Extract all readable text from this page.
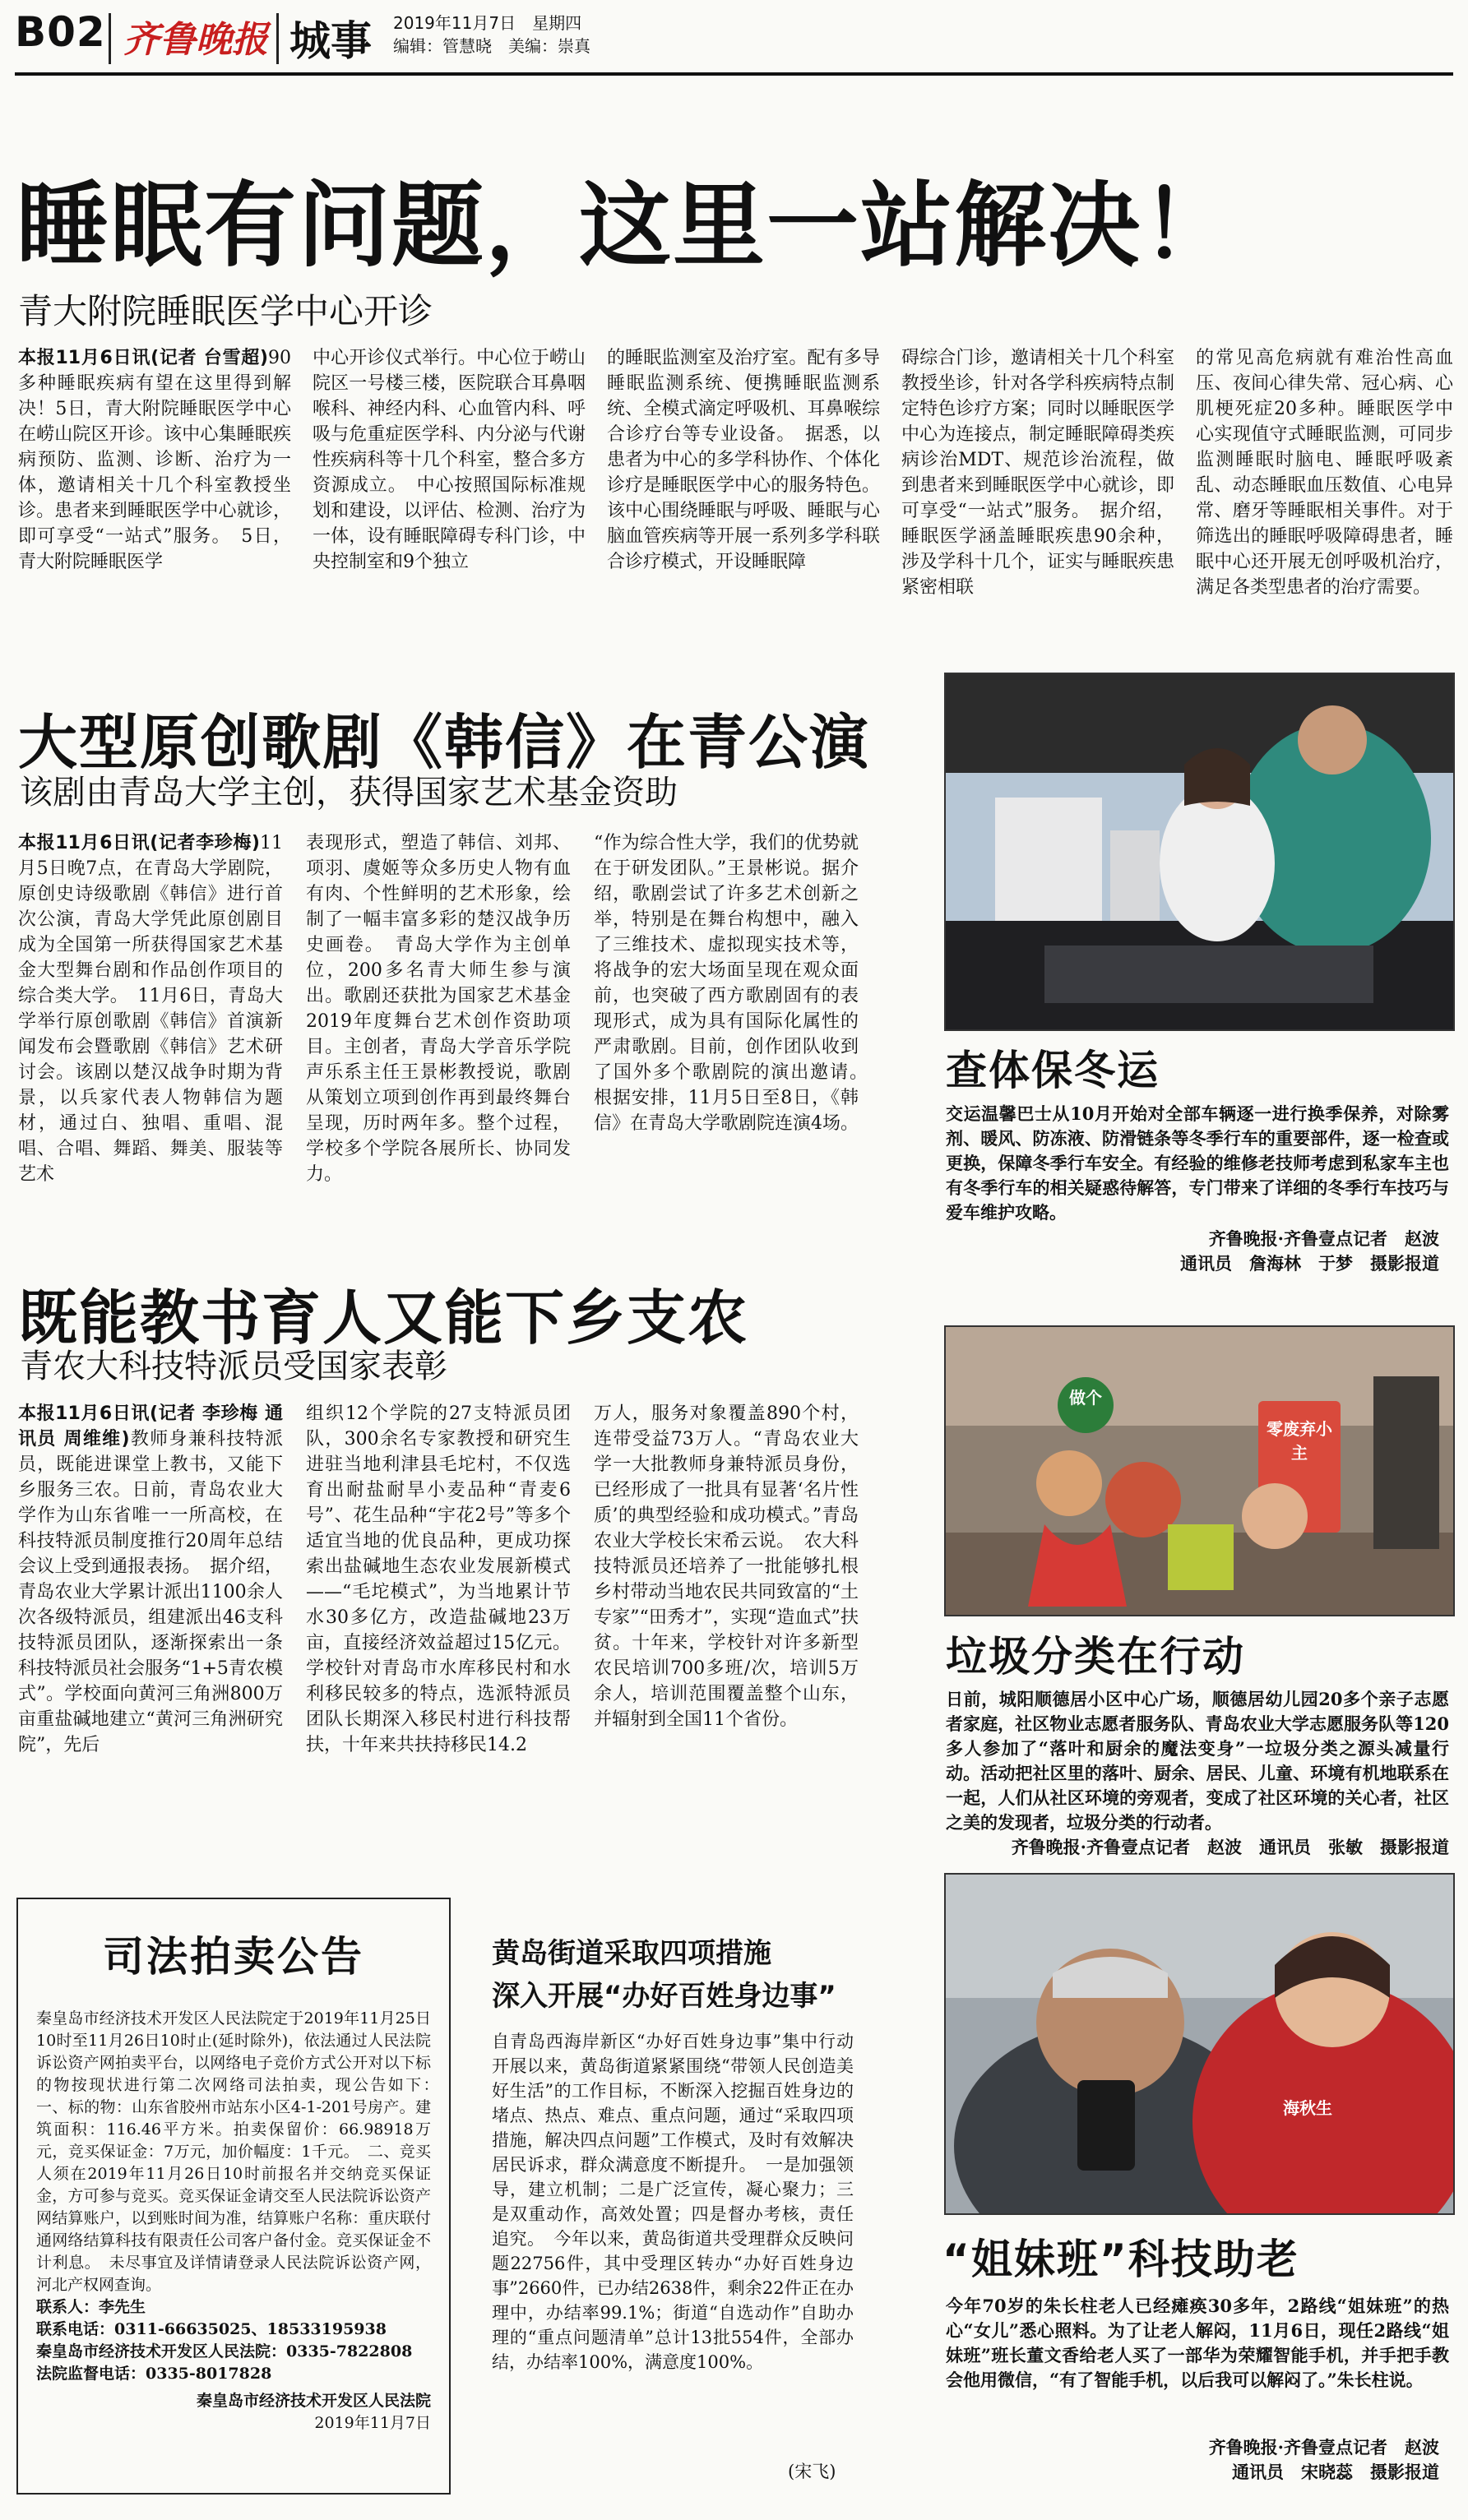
B02 齐鲁晚报 城事 2019年11月7日　星期四
编辑：管慧晓　美编：崇真
睡眠有问题，这里一站解决！
青大附院睡眠医学中心开诊
本报11月6日讯(记者 台雪超)90多种睡眠疾病有望在这里得到解决！5日，青大附院睡眠医学中心在崂山院区开诊。该中心集睡眠疾病预防、监测、诊断、治疗为一体，邀请相关十几个科室教授坐诊。患者来到睡眠医学中心就诊，即可享受“一站式”服务。　5日，青大附院睡眠医学
中心开诊仪式举行。中心位于崂山院区一号楼三楼，医院联合耳鼻咽喉科、神经内科、心血管内科、呼吸与危重症医学科、内分泌与代谢性疾病科等十几个科室，整合多方资源成立。　中心按照国际标准规划和建设，以评估、检测、治疗为一体，设有睡眠障碍专科门诊，中央控制室和9个独立
的睡眠监测室及治疗室。配有多导睡眠监测系统、便携睡眠监测系统、全模式滴定呼吸机、耳鼻喉综合诊疗台等专业设备。　据悉，以患者为中心的多学科协作、个体化诊疗是睡眠医学中心的服务特色。该中心围绕睡眠与呼吸、睡眠与心脑血管疾病等开展一系列多学科联合诊疗模式，开设睡眠障
碍综合门诊，邀请相关十几个科室教授坐诊，针对各学科疾病特点制定特色诊疗方案；同时以睡眠医学中心为连接点，制定睡眠障碍类疾病诊治MDT、规范诊治流程，做到患者来到睡眠医学中心就诊，即可享受“一站式”服务。　据介绍，睡眠医学涵盖睡眠疾患90余种，涉及学科十几个，证实与睡眠疾患紧密相联
的常见高危病就有难治性高血压、夜间心律失常、冠心病、心肌梗死症20多种。睡眠医学中心实现值守式睡眠监测，可同步监测睡眠时脑电、睡眠呼吸紊乱、动态睡眠血压数值、心电异常、磨牙等睡眠相关事件。对于筛选出的睡眠呼吸障碍患者，睡眠中心还开展无创呼吸机治疗，满足各类型患者的治疗需要。
大型原创歌剧《韩信》在青公演
该剧由青岛大学主创，获得国家艺术基金资助
本报11月6日讯(记者李珍梅)11月5日晚7点，在青岛大学剧院，原创史诗级歌剧《韩信》进行首次公演，青岛大学凭此原创剧目成为全国第一所获得国家艺术基金大型舞台剧和作品创作项目的综合类大学。　11月6日，青岛大学举行原创歌剧《韩信》首演新闻发布会暨歌剧《韩信》艺术研讨会。该剧以楚汉战争时期为背景，以兵家代表人物韩信为题材，通过白、独唱、重唱、混唱、合唱、舞蹈、舞美、服装等艺术
表现形式，塑造了韩信、刘邦、项羽、虞姬等众多历史人物有血有肉、个性鲜明的艺术形象，绘制了一幅丰富多彩的楚汉战争历史画卷。　青岛大学作为主创单位，200多名青大师生参与演出。歌剧还获批为国家艺术基金2019年度舞台艺术创作资助项目。主创者，青岛大学音乐学院声乐系主任王景彬教授说，歌剧从策划立项到创作再到最终舞台呈现，历时两年多。整个过程，学校多个学院各展所长、协同发力。
“作为综合性大学，我们的优势就在于研发团队。”王景彬说。据介绍，歌剧尝试了许多艺术创新之举，特别是在舞台构想中，融入了三维技术、虚拟现实技术等，将战争的宏大场面呈现在观众面前，也突破了西方歌剧固有的表现形式，成为具有国际化属性的严肃歌剧。目前，创作团队收到了国外多个歌剧院的演出邀请。　根据安排，11月5日至8日，《韩信》在青岛大学歌剧院连演4场。
既能教书育人又能下乡支农
青农大科技特派员受国家表彰
本报11月6日讯(记者 李珍梅 通讯员 周维维)教师身兼科技特派员，既能进课堂上教书，又能下乡服务三农。日前，青岛农业大学作为山东省唯一一所高校，在科技特派员制度推行20周年总结会议上受到通报表扬。　据介绍，青岛农业大学累计派出1100余人次各级特派员，组建派出46支科技特派员团队，逐渐探索出一条科技特派员社会服务“1+5青农模式”。学校面向黄河三角洲800万亩重盐碱地建立“黄河三角洲研究院”，先后
组织12个学院的27支特派员团队，300余名专家教授和研究生进驻当地利津县毛坨村，不仅选育出耐盐耐旱小麦品种“青麦6号”、花生品种“宇花2号”等多个适宜当地的优良品种，更成功探索出盐碱地生态农业发展新模式——“毛坨模式”，为当地累计节水30多亿方，改造盐碱地23万亩，直接经济效益超过15亿元。学校针对青岛市水库移民村和水利移民较多的特点，选派特派员团队长期深入移民村进行科技帮扶，十年来共扶持移民14.2
万人，服务对象覆盖890个村，连带受益73万人。“青岛农业大学一大批教师身兼特派员身份，已经形成了一批具有显著‘名片性质’的典型经验和成功模式。”青岛农业大学校长宋希云说。　农大科技特派员还培养了一批能够扎根乡村带动当地农民共同致富的“土专家”“田秀才”，实现“造血式”扶贫。十年来，学校针对许多新型农民培训700多班/次，培训5万余人，培训范围覆盖整个山东，并辐射到全国11个省份。
司法拍卖公告
秦皇岛市经济技术开发区人民法院定于2019年11月25日10时至11月26日10时止(延时除外)，依法通过人民法院诉讼资产网拍卖平台，以网络电子竞价方式公开对以下标的物按现状进行第二次网络司法拍卖，现公告如下：　一、标的物：山东省胶州市站东小区4-1-201号房产。建筑面积：116.46平方米。拍卖保留价：66.98918万元，竞买保证金：7万元，加价幅度：1千元。　二、竞买人须在2019年11月26日10时前报名并交纳竞买保证金，方可参与竞买。竞买保证金请交至人民法院诉讼资产网结算账户，以到账时间为准，结算账户名称：重庆联付通网络结算科技有限责任公司客户备付金。竞买保证金不计利息。　未尽事宜及详情请登录人民法院诉讼资产网，河北产权网查询。
联系人：李先生
联系电话：0311-66635025、18533195938
秦皇岛市经济技术开发区人民法院：0335-7822808
法院监督电话：0335-8017828
秦皇岛市经济技术开发区人民法院
2019年11月7日
黄岛街道采取四项措施
深入开展“办好百姓身边事”
自青岛西海岸新区“办好百姓身边事”集中行动开展以来，黄岛街道紧紧围绕“带领人民创造美好生活”的工作目标，不断深入挖掘百姓身边的堵点、热点、难点、重点问题，通过“采取四项措施，解决四点问题”工作模式，及时有效解决居民诉求，群众满意度不断提升。　一是加强领导，建立机制；二是广泛宣传，凝心聚力；三是双重动作，高效处置；四是督办考核，责任追究。　今年以来，黄岛街道共受理群众反映问题22756件，其中受理区转办“办好百姓身边事”2660件，已办结2638件，剩余22件正在办理中，办结率99.1%；街道“自选动作”自助办理的“重点问题清单”总计13批554件，全部办结，办结率100%，满意度100%。
(宋飞)
查体保冬运
交运温馨巴士从10月开始对全部车辆逐一进行换季保养，对除雾剂、暖风、防冻液、防滑链条等冬季行车的重要部件，逐一检查或更换，保障冬季行车安全。有经验的维修老技师考虑到私家车主也有冬季行车的相关疑惑待解答，专门带来了详细的冬季行车技巧与爱车维护攻略。
齐鲁晚报·齐鲁壹点记者　赵波
通讯员　詹海林　于梦　摄影报道
做个
零废弃小主
垃圾分类在行动
日前，城阳顺德居小区中心广场，顺德居幼儿园20多个亲子志愿者家庭，社区物业志愿者服务队、青岛农业大学志愿服务队等120多人参加了“落叶和厨余的魔法变身”一垃圾分类之源头减量行动。活动把社区里的落叶、厨余、居民、儿童、环境有机地联系在一起，人们从社区环境的旁观者，变成了社区环境的关心者，社区之美的发现者，垃圾分类的行动者。
齐鲁晚报·齐鲁壹点记者　赵波　通讯员　张敏　摄影报道
海秋生
“姐妹班”科技助老
今年70岁的朱长柱老人已经瘫痪30多年，2路线“姐妹班”的热心“女儿”悉心照料。为了让老人解闷，11月6日，现任2路线“姐妹班”班长董文香给老人买了一部华为荣耀智能手机，并手把手教会他用微信，“有了智能手机，以后我可以解闷了。”朱长柱说。
齐鲁晚报·齐鲁壹点记者　赵波
通讯员　宋晓蕊　摄影报道
